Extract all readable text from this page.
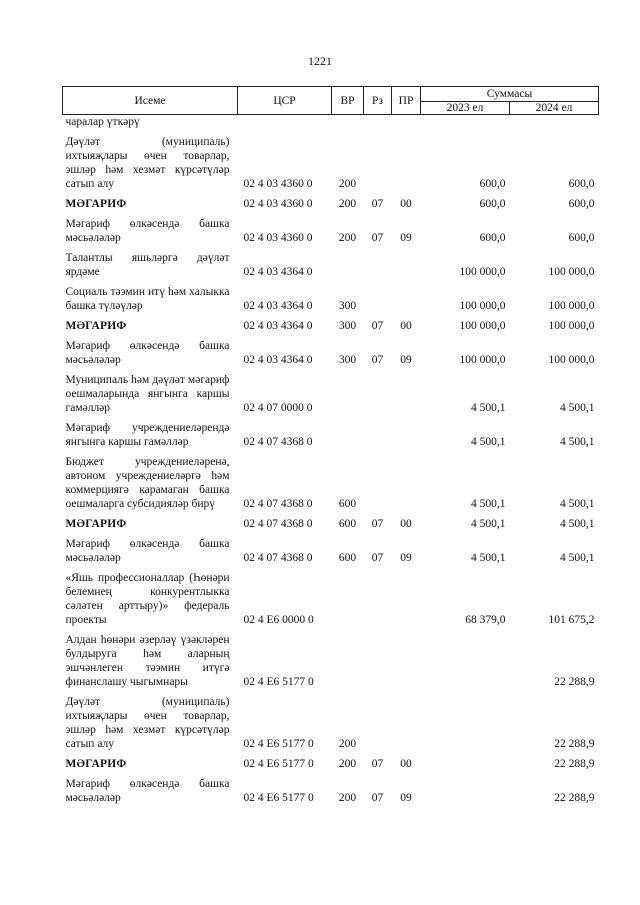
1221
Исеме	ЦСР	ВР	Рз	ПР	Суммасы	
					2023 ел	2024 ел
чаралар үткәрү						
Дәүләт (муниципаль) ихтыяҗлары өчен товарлар, эшләр һәм хезмәт күрсәтүләр сатып алу	02 4 03 4360 0	200			600,0	600,0
МӘГАРИФ	02 4 03 4360 0	200	07	00	600,0	600,0
Мәгариф өлкәсендә башка мәсьәләләр	02 4 03 4360 0	200	07	09	600,0	600,0
Талантлы яшьләргә дәүләт ярдәме	02 4 03 4364 0				100 000,0	100 000,0
Социаль тәэмин итү һәм халыкка башка түләүләр	02 4 03 4364 0	300			100 000,0	100 000,0
МӘГАРИФ	02 4 03 4364 0	300	07	00	100 000,0	100 000,0
Мәгариф өлкәсендә башка мәсьәләләр	02 4 03 4364 0	300	07	09	100 000,0	100 000,0
Муниципаль һәм дәүләт мәгариф оешмаларында янгынга каршы гамәлләр	02 4 07 0000 0				4 500,1	4 500,1
Мәгариф учреждениеләрендә янгынга каршы гамәлләр	02 4 07 4368 0				4 500,1	4 500,1
Бюджет учреждениеләренә, автоном учреждениеләргә һәм коммерциягә карамаган башка оешмаларга субсидияләр бирү	02 4 07 4368 0	600			4 500,1	4 500,1
МӘГАРИФ	02 4 07 4368 0	600	07	00	4 500,1	4 500,1
Мәгариф өлкәсендә башка мәсьәләләр	02 4 07 4368 0	600	07	09	4 500,1	4 500,1
«Яшь профессионаллар (Һөнәри белемнең конкурентлыкка сәләтен арттыру)» федераль проекты	02 4 E6 0000 0				68 379,0	101 675,2
Алдан һөнәри әзерләү үзәкләрен булдыруга һәм аларның эшчәнлеген тәэмин итүгә финанслашу чыгымнары	02 4 E6 5177 0					22 288,9
Дәүләт (муниципаль) ихтыяҗлары өчен товарлар, эшләр һәм хезмәт күрсәтүләр сатып алу	02 4 E6 5177 0	200				22 288,9
МӘГАРИФ	02 4 E6 5177 0	200	07	00		22 288,9
Мәгариф өлкәсендә башка мәсьәләләр	02 4 E6 5177 0	200	07	09		22 288,9
